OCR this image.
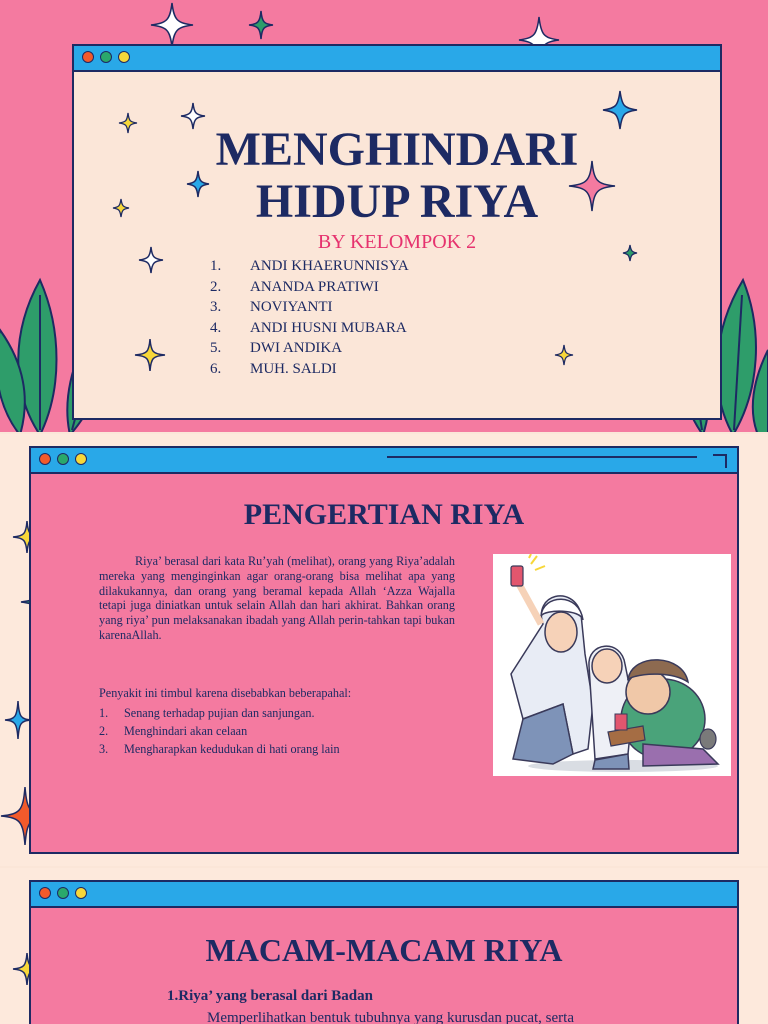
MENGHINDARI
HIDUP RIYA
BY KELOMPOK 2
1. ANDI KHAERUNNISYA
2. ANANDA PRATIWI
3. NOVIYANTI
4. ANDI HUSNI MUBARA
5. DWI ANDIKA
6. MUH. SALDI
PENGERTIAN RIYA

Riya’ berasal dari kata Ru’yah (melihat), orang yang Riya’adalah mereka yang menginginkan agar orang-orang bisa melihat apa yang dilakukannya, dan orang yang beramal kepada Allah ‘Azza Wajalla tetapi juga diniatkan untuk selain Allah dan hari akhirat. Bahkan orang yang riya’ pun melaksanakan ibadah yang Allah perin-tahkan tapi bukan karenaAllah.

Penyakit ini timbul karena disebabkan beberapahal:

1. Senang terhadap pujian dan sanjungan.
2. Menghindari akan celaan
3. Mengharapkan kedudukan di hati orang lain
MACAM-MACAM RIYA
1.Riya’ yang berasal dari Badan
Memperlihatkan bentuk tubuhnya yang kurusdan pucat, serta
